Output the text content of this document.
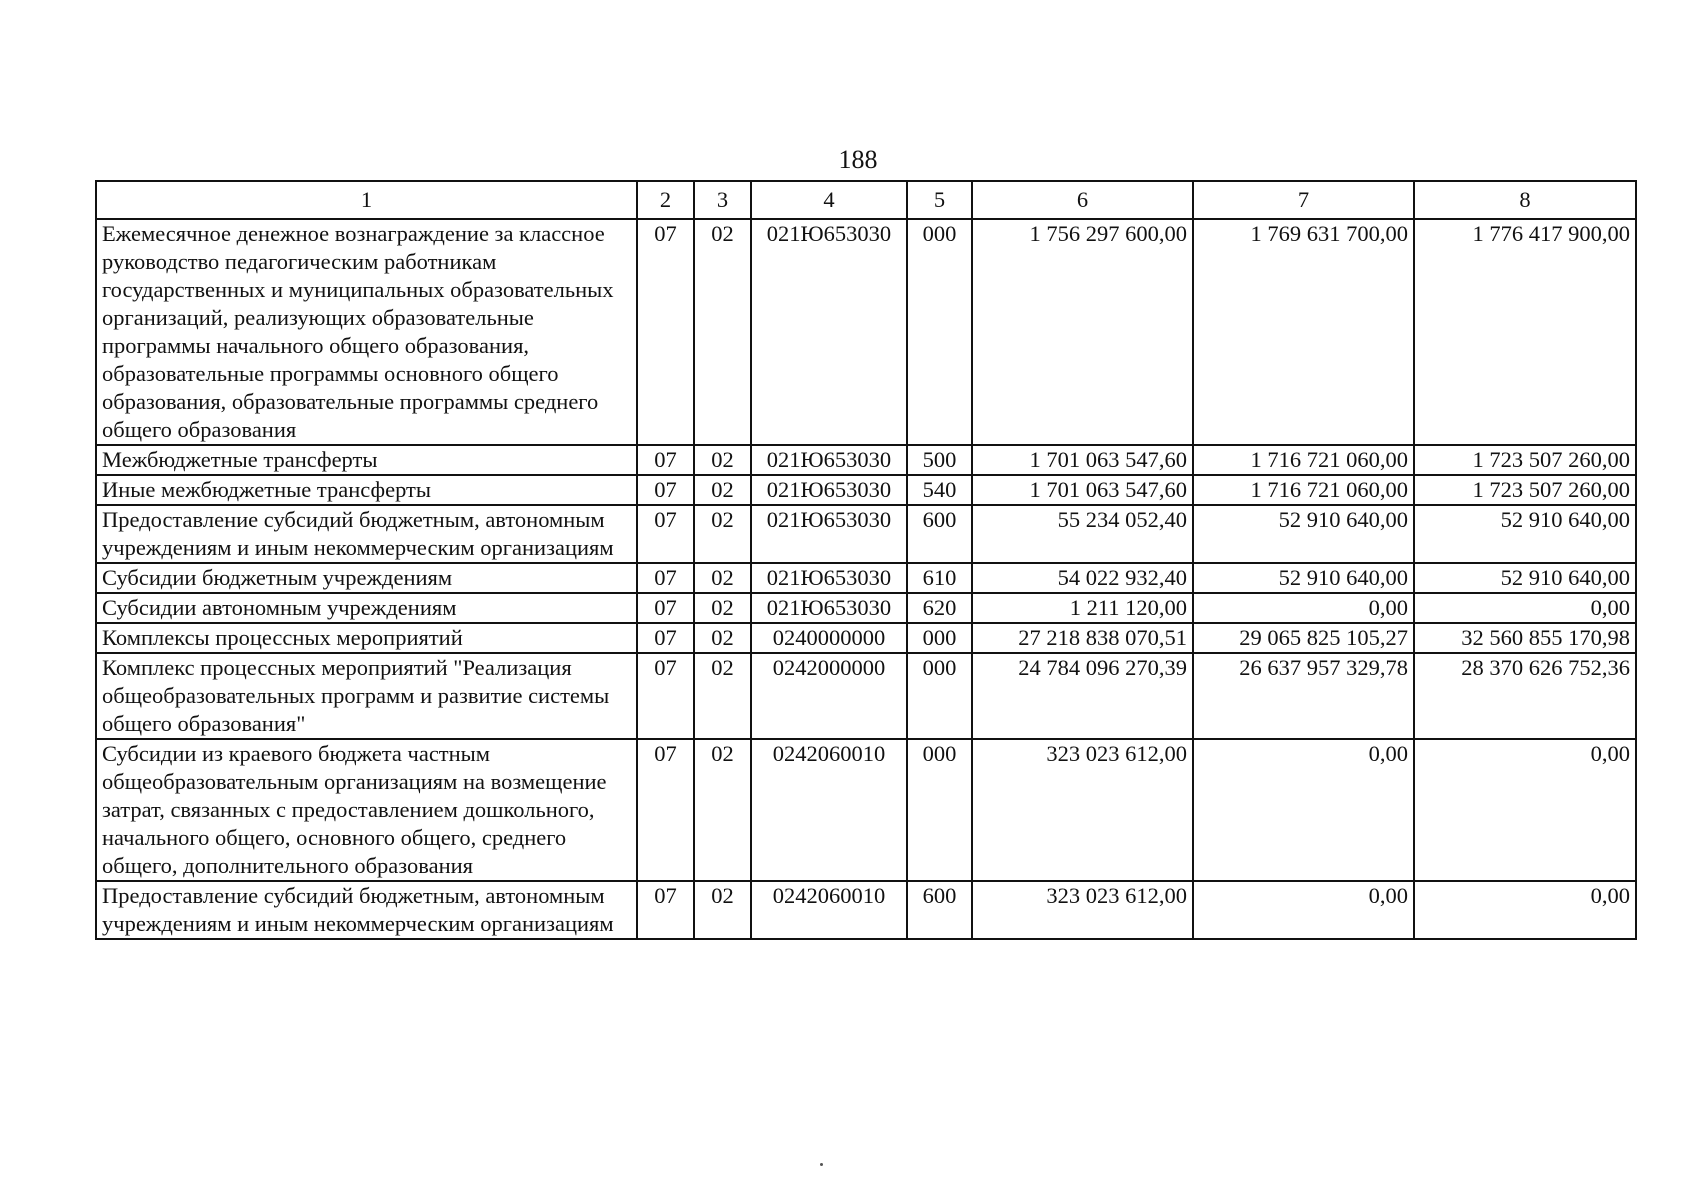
188
1	2	3	4	5	6	7	8
Ежемесячное денежное вознаграждение за классное руководство педагогическим работникам государственных и муниципальных образовательных организаций, реализующих образовательные программы начального общего образования, образовательные программы основного общего образования, образовательные программы среднего общего образования	07	02	021Ю653030	000	1 756 297 600,00	1 769 631 700,00	1 776 417 900,00
Межбюджетные трансферты	07	02	021Ю653030	500	1 701 063 547,60	1 716 721 060,00	1 723 507 260,00
Иные межбюджетные трансферты	07	02	021Ю653030	540	1 701 063 547,60	1 716 721 060,00	1 723 507 260,00
Предоставление субсидий бюджетным, автономным учреждениям и иным некоммерческим организациям	07	02	021Ю653030	600	55 234 052,40	52 910 640,00	52 910 640,00
Субсидии бюджетным учреждениям	07	02	021Ю653030	610	54 022 932,40	52 910 640,00	52 910 640,00
Субсидии автономным учреждениям	07	02	021Ю653030	620	1 211 120,00	0,00	0,00
Комплексы процессных мероприятий	07	02	0240000000	000	27 218 838 070,51	29 065 825 105,27	32 560 855 170,98
Комплекс процессных мероприятий "Реализация общеобразовательных программ и развитие системы общего образования"	07	02	0242000000	000	24 784 096 270,39	26 637 957 329,78	28 370 626 752,36
Субсидии из краевого бюджета частным общеобразовательным организациям на возмещение затрат, связанных с предоставлением дошкольного, начального общего, основного общего, среднего общего, дополнительного образования	07	02	0242060010	000	323 023 612,00	0,00	0,00
Предоставление субсидий бюджетным, автономным учреждениям и иным некоммерческим организациям	07	02	0242060010	600	323 023 612,00	0,00	0,00
